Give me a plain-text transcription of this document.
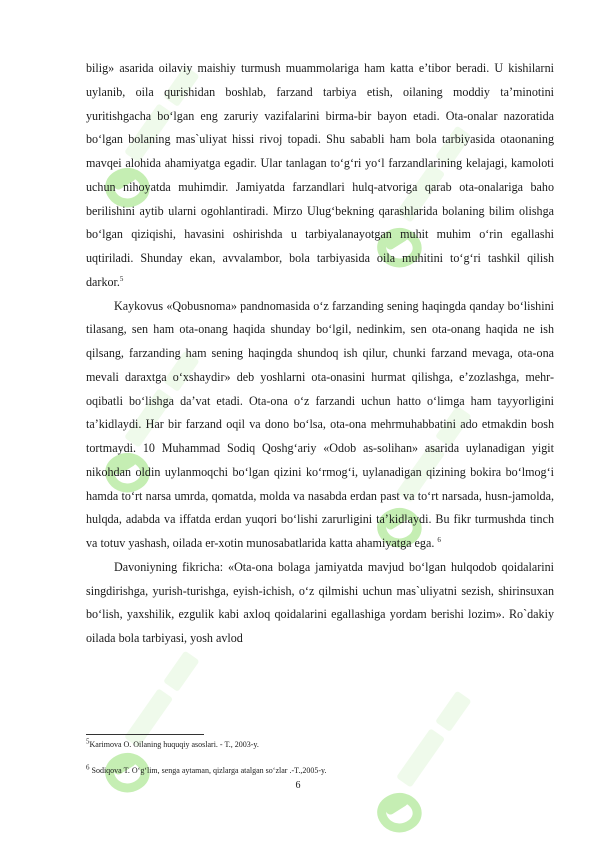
bilig» asarida oilaviy maishiy turmush muammolariga ham katta e’tibor beradi. U kishilarni uylanib, oila qurishidan boshlab, farzand tarbiya etish, oilaning moddiy ta’minotini yuritishgacha bo‘lgan eng zaruriy vazifalarini birma-bir bayon etadi. Ota-onalar nazoratida bo‘lgan bolaning mas`uliyat hissi rivoj topadi. Shu sababli ham bola tarbiyasida otaonaning mavqei alohida ahamiyatga egadir. Ular tanlagan to‘g‘ri yo‘l farzandlarining kelajagi, kamoloti uchun nihoyatda muhimdir. Jamiyatda farzandlari hulq-atvoriga qarab ota-onalariga baho berilishini aytib ularni ogohlantiradi. Mirzo Ulug‘bekning qarashlarida bolaning bilim olishga bo‘lgan qiziqishi, havasini oshirishda u tarbiyalanayotgan muhit muhim o‘rin egallashi uqtiriladi. Shunday ekan, avvalambor, bola tarbiyasida oila muhitini to‘g‘ri tashkil qilish darkor.$^5$

Kaykovus «Qobusnoma» pandnomasida o‘z farzanding sening haqingda qanday bo‘lishini tilasang, sen ham ota-onang haqida shunday bo‘lgil, nedinkim, sen ota-onang haqida ne ish qilsang, farzanding ham sening haqingda shundoq ish qilur, chunki farzand mevaga, ota-ona mevali daraxtga o‘xshaydir» deb yoshlarni ota-onasini hurmat qilishga, e’zozlashga, mehr-oqibatli bo‘lishga da’vat etadi. Ota-ona o‘z farzandi uchun hatto o‘limga ham tayyorligini ta’kidlaydi. Har bir farzand oqil va dono bo‘lsa, ota-ona mehrmuhabbatini ado etmakdin bosh tortmaydi. 10 Muhammad Sodiq Qoshg‘ariy «Odob as-solihan» asarida uylanadigan yigit nikohdan oldin uylanmoqchi bo‘lgan qizini ko‘rmog‘i, uylanadigan qizining bokira bo‘lmog‘i hamda to‘rt narsa umrda, qomatda, molda va nasabda erdan past va to‘rt narsada, husn-jamolda, hulqda, adabda va iffatda erdan yuqori bo‘lishi zarurligini ta’kidlaydi. Bu fikr turmushda tinch va totuv yashash, oilada er-xotin munosabatlarida katta ahamiyatga ega. $^6$

Davoniyning fikricha: «Ota-ona bolaga jamiyatda mavjud bo‘lgan hulqodob qoidalarini singdirishga, yurish-turishga, eyish-ichish, o‘z qilmishi uchun mas`uliyatni sezish, shirinsuxan bo‘lish, yaxshilik, ezgulik kabi axloq qoidalarini egallashiga yordam berishi lozim». Ro`dakiy oilada bola tarbiyasi, yosh avlod

$^5$Karimova O. Oilaning huquqiy asoslari. - T., 2003-y.
$^6$ Sodiqova T. O‘g‘lim, senga aytaman, qizlarga atalgan so‘zlar .-T.,2005-y.
6
